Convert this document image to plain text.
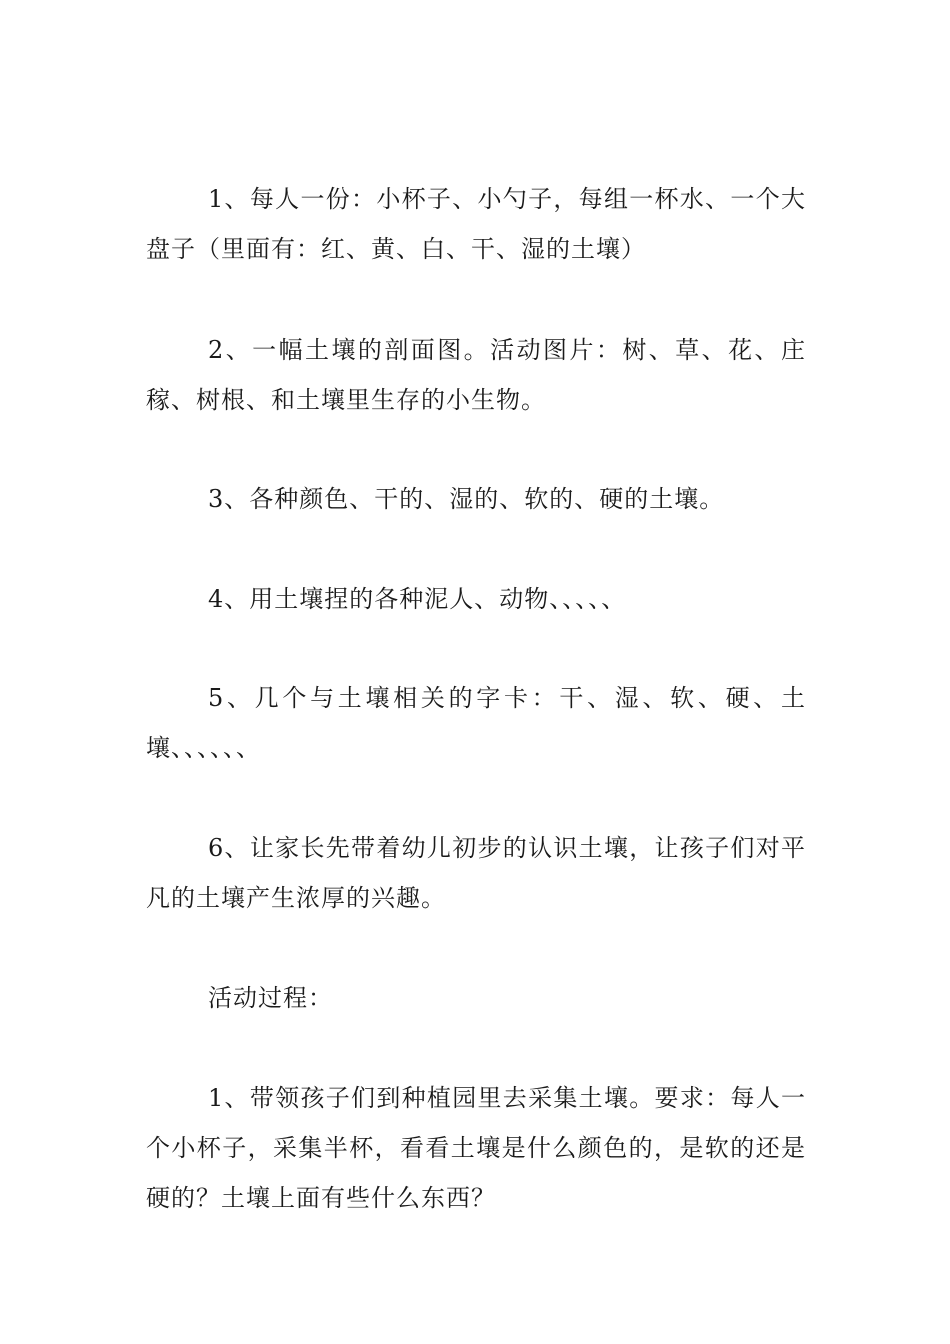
1、每人一份：小杯子、小勺子，每组一杯水、一个大盘子（里面有：红、黄、白、干、湿的土壤）

2、一幅土壤的剖面图。活动图片：树、草、花、庄稼、树根、和土壤里生存的小生物。

3、各种颜色、干的、湿的、软的、硬的土壤。

4、用土壤捏的各种泥人、动物、、、、、

5、几个与土壤相关的字卡：干、湿、软、硬、土壤、、、、、、

6、让家长先带着幼儿初步的认识土壤，让孩子们对平凡的土壤产生浓厚的兴趣。

活动过程：

1、带领孩子们到种植园里去采集土壤。要求：每人一个小杯子，采集半杯，看看土壤是什么颜色的，是软的还是硬的？土壤上面有些什么东西？
